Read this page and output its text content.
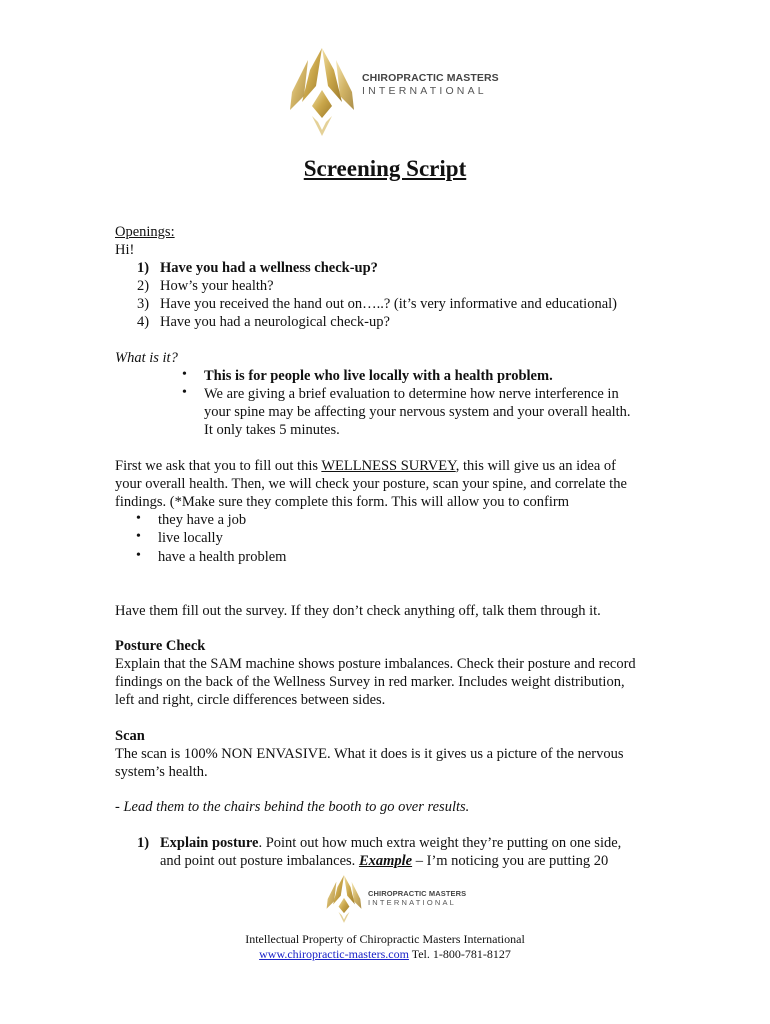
CHIROPRACTIC MASTERS
INTERNATIONAL
Screening Script
Openings:
Hi!
1) Have you had a wellness check-up?
2) How’s your health?
3) Have you received the hand out on…..? (it’s very informative and educational)
4) Have you had a neurological check-up?
What is it?
• This is for people who live locally with a health problem.
• We are giving a brief evaluation to determine how nerve interference in
your spine may be affecting your nervous system and your overall health.
It only takes 5 minutes.
First we ask that you to fill out this WELLNESS SURVEY, this will give us an idea of
your overall health. Then, we will check your posture, scan your spine, and correlate the
findings. (*Make sure they complete this form. This will allow you to confirm
• they have a job
• live locally
• have a health problem
Have them fill out the survey. If they don’t check anything off, talk them through it.
Posture Check
Explain that the SAM machine shows posture imbalances. Check their posture and record
findings on the back of the Wellness Survey in red marker. Includes weight distribution,
left and right, circle differences between sides.
Scan
The scan is 100% NON ENVASIVE. What it does is it gives us a picture of the nervous
system’s health.
- Lead them to the chairs behind the booth to go over results.
1) Explain posture. Point out how much extra weight they’re putting on one side,
and point out posture imbalances. Example – I’m noticing you are putting 20
CHIROPRACTIC MASTERS
INTERNATIONAL
Intellectual Property of Chiropractic Masters International
www.chiropractic-masters.com Tel. 1-800-781-8127
